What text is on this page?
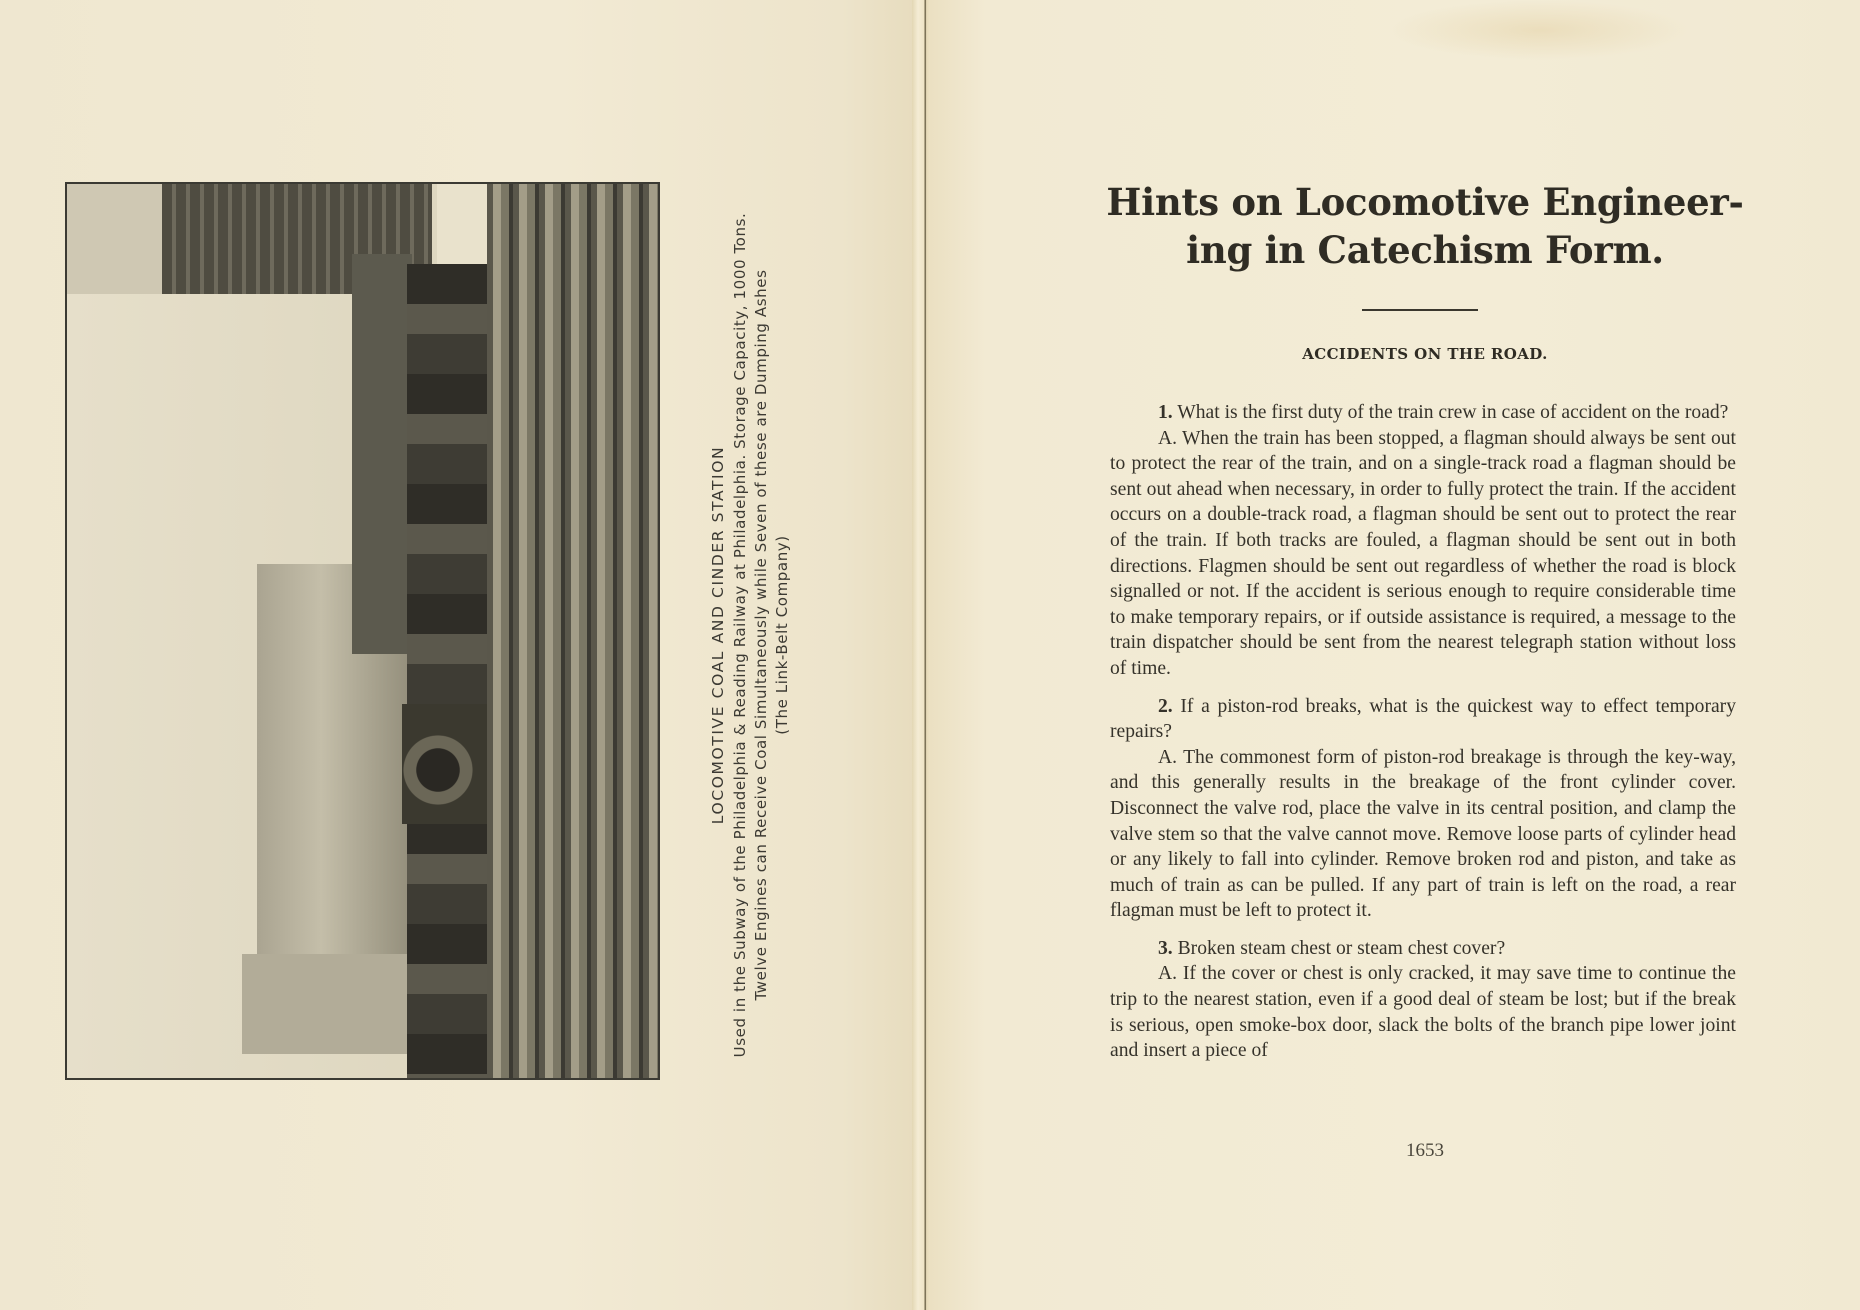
LOCOMOTIVE COAL AND CINDER STATION Used in the Subway of the Philadelphia & Reading Railway at Philadelphia. Storage Capacity, 1000 Tons. Twelve Engines can Receive Coal Simultaneously while Seven of these are Dumping Ashes (The Link-Belt Company)
Hints on Locomotive Engineer-
ing in Catechism Form.
ACCIDENTS ON THE ROAD.

1. What is the first duty of the train crew in case of accident on the road?

A. When the train has been stopped, a flagman should always be sent out to protect the rear of the train, and on a single-track road a flagman should be sent out ahead when necessary, in order to fully protect the train. If the accident occurs on a double-track road, a flagman should be sent out to protect the rear of the train. If both tracks are fouled, a flagman should be sent out in both directions. Flagmen should be sent out regardless of whether the road is block signalled or not. If the accident is serious enough to require considerable time to make temporary repairs, or if outside assistance is required, a message to the train dispatcher should be sent from the nearest telegraph station without loss of time.

2. If a piston-rod breaks, what is the quickest way to effect temporary repairs?

A. The commonest form of piston-rod breakage is through the key-way, and this generally results in the breakage of the front cylinder cover. Disconnect the valve rod, place the valve in its central position, and clamp the valve stem so that the valve cannot move. Remove loose parts of cylinder head or any likely to fall into cylinder. Remove broken rod and piston, and take as much of train as can be pulled. If any part of train is left on the road, a rear flagman must be left to protect it.

3. Broken steam chest or steam chest cover?

A. If the cover or chest is only cracked, it may save time to continue the trip to the nearest station, even if a good deal of steam be lost; but if the break is serious, open smoke-box door, slack the bolts of the branch pipe lower joint and insert a piece of

1653
